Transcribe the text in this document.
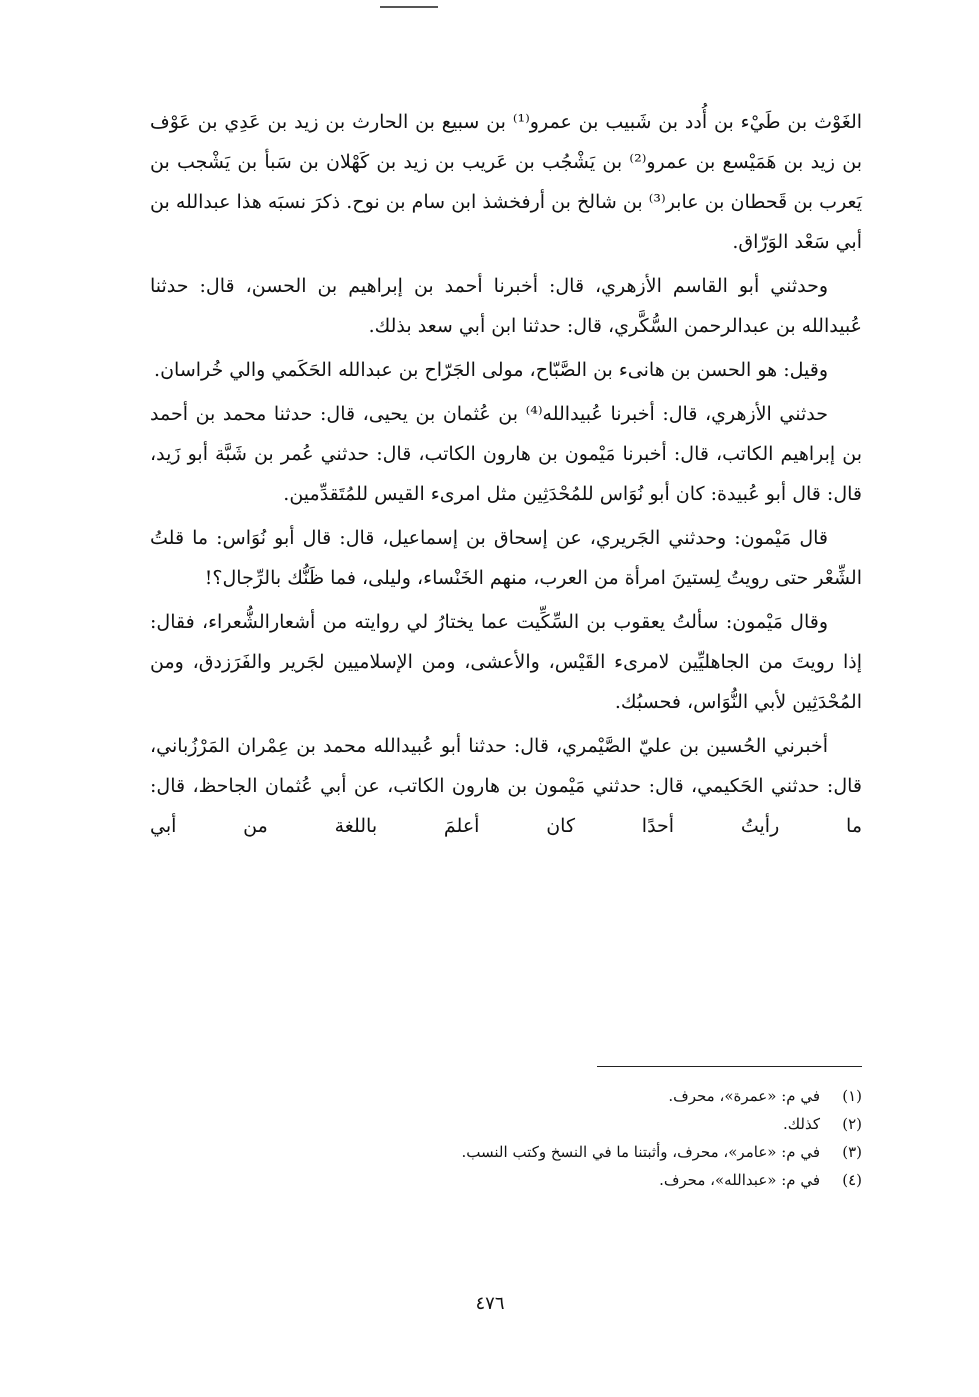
الغَوْث بن طَيْء بن أُدد بن شَبيب بن عمرو⁽¹⁾ بن سبيع بن الحارث بن زيد بن عَدِي بن عَوْف بن زيد بن هَمَيْسع بن عمرو⁽²⁾ بن يَشْجُب بن عَريب بن زيد بن كَهْلان بن سَبأ بن يَشْجب بن يَعرب بن قَحطان بن عابر⁽³⁾ بن شالخ بن أرفخشذ ابن سام بن نوح. ذكرَ نسبَه هذا عبدالله بن أبي سَعْد الوَرّاق.

وحدثني أبو القاسم الأزهري، قال: أخبرنا أحمد بن إبراهيم بن الحسن، قال: حدثنا عُبيدالله بن عبدالرحمن السُّكَّري، قال: حدثنا ابن أبي سعد بذلك.

وقيل: هو الحسن بن هانىء بن الصَّبّاح، مولى الجَرّاح بن عبدالله الحَكَمي والي خُراسان.

حدثني الأزهري، قال: أخبرنا عُبيدالله⁽⁴⁾ بن عُثمان بن يحيى، قال: حدثنا محمد بن أحمد بن إبراهيم الكاتب، قال: أخبرنا مَيْمون بن هارون الكاتب، قال: حدثني عُمر بن شَبَّة أبو زَيد، قال: قال أبو عُبيدة: كان أبو نُوَاس للمُحْدَثِين مثل امرىء القيس للمُتَقدِّمين.

قال مَيْمون: وحدثني الجَريري، عن إسحاق بن إسماعيل، قال: قال أبو نُوَاس: ما قلتُ الشِّعْر حتى رويتُ لِستينَ امرأة من العرب، منهم الخَنْساء، وليلى، فما ظَنُّك بالرِّجال؟!

وقال مَيْمون: سألتُ يعقوب بن السِّكِّيت عما يختارُ لي روايته من أشعارالشُّعراء، فقال: إذا رويتَ من الجاهليِّين لامرىء القَيْس، والأعشى، ومن الإسلاميين لجَرير والفَرَزدق، ومن المُحْدَثِين لأبي النُّوَاس، فحسبُك.

أخبرني الحُسين بن عليّ الصَّيْمري، قال: حدثنا أبو عُبيدالله محمد بن عِمْران المَرْزُباني، قال: حدثني الحَكيمي، قال: حدثني مَيْمون بن هارون الكاتب، عن أبي عُثمان الجاحظ، قال: ما رأيتُ أحدًا كان أعلمَ باللغة من أبي

(١)في م: «عمرة»، محرف.
(٢)كذلك.
(٣)في م: «عامر»، محرف، وأثبتنا ما في النسخ وكتب النسب.
(٤)في م: «عبدالله»، محرف.
٤٧٦
